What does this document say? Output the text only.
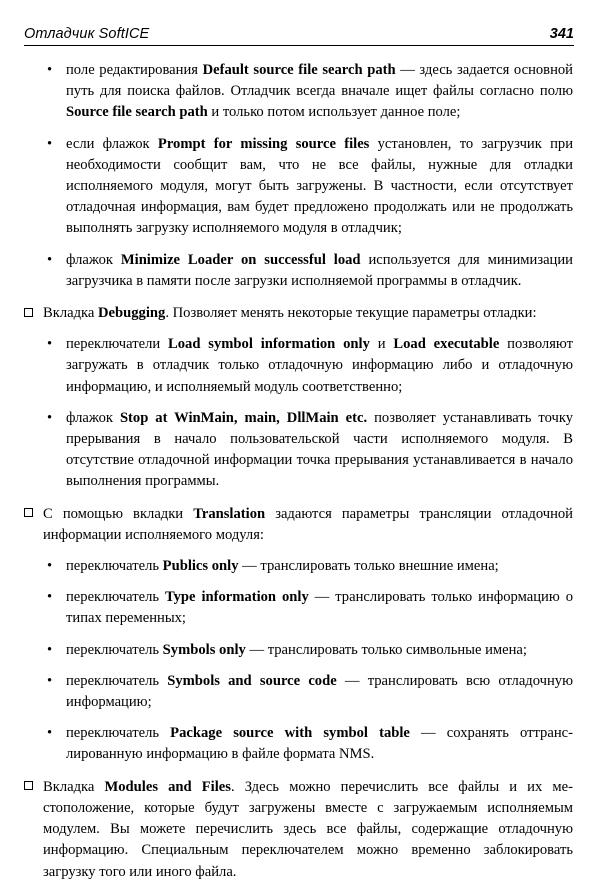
Отладчик SoftICE	341
• поле редактирования Default source file search path — здесь задается основной путь для поиска файлов. Отладчик всегда вначале ищет файлы согласно полю Source file search path и только потом использует данное поле;
• если флажок Prompt for missing source files установлен, то загрузчик при необходимости сообщит вам, что не все файлы, нужные для отладки исполняемого модуля, могут быть загружены. В частности, если отсутствует отладочная информация, вам будет предложено продолжать или не продолжать выполнять загрузку исполняемого модуля в отладчик;
• флажок Minimize Loader on successful load используется для минимизации загрузчика в памяти после загрузки исполняемой программы в отладчик.
Вкладка Debugging. Позволяет менять некоторые текущие параметры отладки:
• переключатели Load symbol information only и Load executable позволяют загружать в отладчик только отладочную информацию либо и отладочную информацию, и исполняемый модуль соответственно;
• флажок Stop at WinMain, main, DllMain etc. позволяет устанавливать точку прерывания в начало пользовательской части исполняемого модуля. В отсутствие отладочной информации точка прерывания устанавливается в начало выполнения программы.
С помощью вкладки Translation задаются параметры трансляции отладочной информации исполняемого модуля:
• переключатель Publics only — транслировать только внешние имена;
• переключатель Type information only — транслировать только информацию о типах переменных;
• переключатель Symbols only — транслировать только символьные имена;
• переключатель Symbols and source code — транслировать всю отладочную информацию;
• переключатель Package source with symbol table — сохранять оттранслированную информацию в файле формата NMS.
Вкладка Modules and Files. Здесь можно перечислить все файлы и их местоположение, которые будут загружены вместе с загружаемым исполняемым модулем. Вы можете перечислить здесь все файлы, содержащие отладочную информацию. Специальным переключателем можно временно заблокировать загрузку того или иного файла.
